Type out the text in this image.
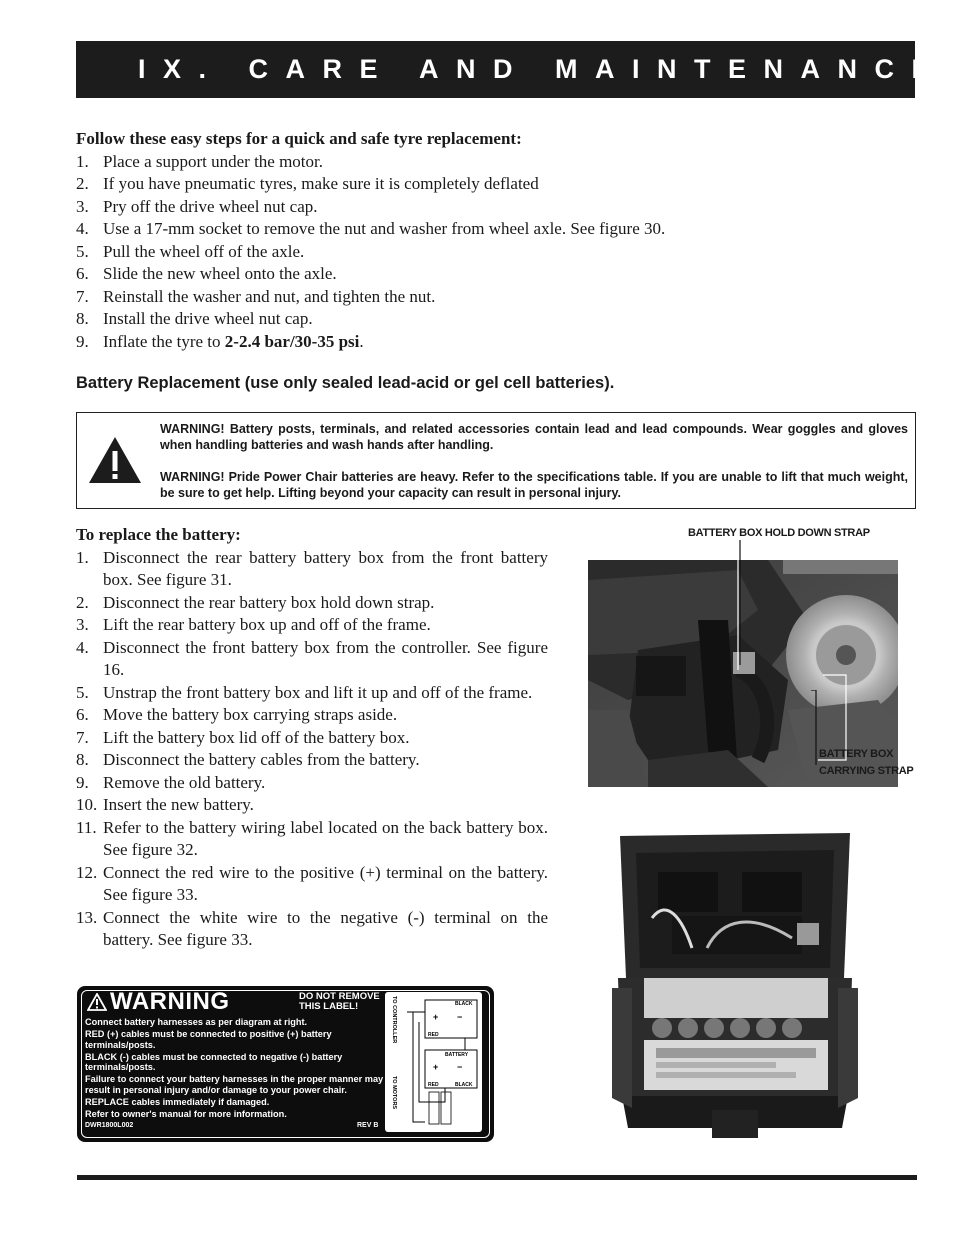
IX. CARE AND MAINTENANCE
Follow these easy steps for a quick and safe tyre replacement:
1. Place a support under the motor.
2. If you have pneumatic tyres, make sure it is completely deflated
3. Pry off the drive wheel nut cap.
4. Use a 17-mm socket to remove the nut and washer from wheel axle. See figure 30.
5. Pull the wheel off of the axle.
6. Slide the new wheel onto the axle.
7. Reinstall the washer and nut, and tighten the nut.
8. Install the drive wheel nut cap.
9. Inflate the tyre to 2-2.4 bar/30-35 psi.
Battery Replacement (use only sealed lead-acid or gel cell batteries).

WARNING! Battery posts, terminals, and related accessories contain lead and lead compounds. Wear goggles and gloves when handling batteries and wash hands after handling.

WARNING! Pride Power Chair batteries are heavy. Refer to the specifications table. If you are unable to lift that much weight, be sure to get help. Lifting beyond your capacity can result in personal injury.

To replace the battery:
1. Disconnect the rear battery battery box from the front battery box. See figure 31.
2. Disconnect the rear battery box hold down strap.
3. Lift the rear battery box up and off of the frame.
4. Disconnect the front battery box from the controller. See figure 16.
5. Unstrap the front battery box and lift it up and off of the frame.
6. Move the battery box carrying straps aside.
7. Lift the battery box lid off of the battery box.
8. Disconnect the battery cables from the battery.
9. Remove the old battery.
10. Insert the new battery.
11. Refer to the battery wiring label located on the back battery box. See figure 32.
12. Connect the red wire to the positive (+) terminal on the battery. See figure 33.
13. Connect the white wire to the negative (-) terminal on the battery. See figure 33.
BATTERY BOX HOLD DOWN STRAP
BATTERY BOX
CARRYING STRAP
WARNING	DO NOT REMOVE
THIS LABEL!
Connect battery harnesses as per diagram at right.
RED (+) cables must be connected to positive (+) battery terminals/posts.
BLACK (-) cables must be connected to negative (-) battery terminals/posts.
Failure to connect your battery harnesses in the proper manner may result in personal injury and/or damage to your power chair.
REPLACE cables immediately if damaged.
Refer to owner's manual for more information.
DWR1800L002	REV B
TO CONTROLLER
TO MOTORS
BLACK
+ −
RED
BATTERY
+ −
RED	BLACK
